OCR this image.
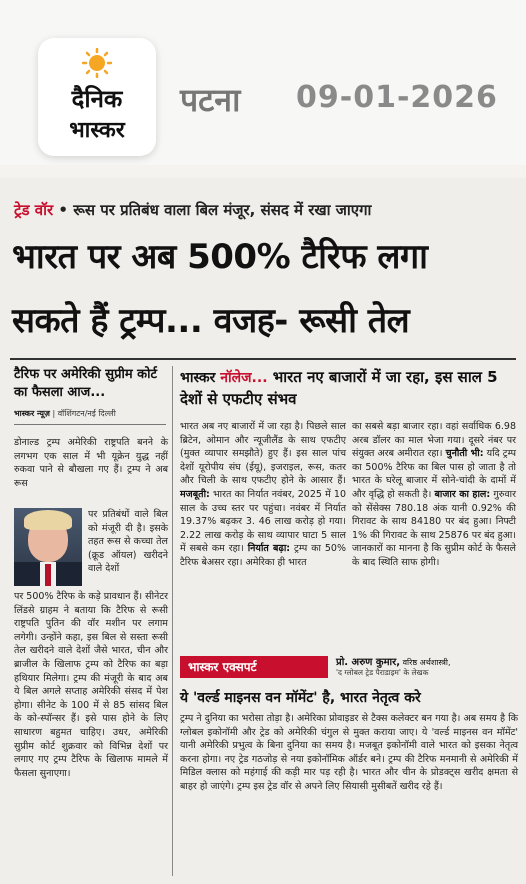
दैनिक
भास्कर
पटना 09-01-2026
ट्रेड वॉर • रूस पर प्रतिबंध वाला बिल मंजूर, संसद में रखा जाएगा
भारत पर अब 500% टैरिफ लगा
सकते हैं ट्रम्प... वजह- रूसी तेल
टैरिफ पर अमेरिकी सुप्रीम कोर्ट का फैसला आज...
भास्कर न्यूज़ | वॉशिंगटन/नई दिल्ली
डोनाल्ड ट्रम्प अमेरिकी राष्ट्रपति बनने के लगभग एक साल में भी यूक्रेन युद्ध नहीं रुकवा पाने से बौखला गए हैं। ट्रम्प ने अब रूस
पर प्रतिबंधों वाले बिल को मंजूरी दी है। इसके तहत रूस से कच्चा तेल (क्रूड ऑयल) खरीदने वाले देशों
पर 500% टैरिफ के कड़े प्रावधान हैं। सीनेटर लिंडसे ग्राहम ने बताया कि टैरिफ से रूसी राष्ट्रपति पुतिन की वॉर मशीन पर लगाम लगेगी। उन्होंने कहा, इस बिल से सस्ता रूसी तेल खरीदने वाले देशों जैसे भारत, चीन और ब्राजील के खिलाफ ट्रम्प को टैरिफ का बड़ा हथियार मिलेगा। ट्रम्प की मंजूरी के बाद अब ये बिल अगले सप्ताह अमेरिकी संसद में पेश होगा। सीनेट के 100 में से 85 सांसद बिल के को-स्पॉन्सर हैं। इसे पास होने के लिए साधारण बहुमत चाहिए। उधर, अमेरिकी सुप्रीम कोर्ट शुक्रवार को विभिन्न देशों पर लगाए गए ट्रम्प टैरिफ के खिलाफ मामले में फैसला सुनाएगा।
भास्कर नॉलेज... भारत नए बाजारों में जा रहा, इस साल 5 देशों से एफटीए संभव
भारत अब नए बाजारों में जा रहा है। पिछले साल ब्रिटेन, ओमान और न्यूजीलैंड के साथ एफटीए (मुक्त व्यापार समझौते) हुए हैं। इस साल पांच देशों यूरोपीय संघ (ईयू), इजराइल, रूस, कतर और चिली के साथ एफटीए होने के आसार हैं। मजबूती: भारत का निर्यात नवंबर, 2025 में 10 साल के उच्च स्तर पर पहुंचा। नवंबर में निर्यात 19.37% बढ़कर 3. 46 लाख करोड़ हो गया। 2.22 लाख करोड़ के साथ व्यापार घाटा 5 साल में सबसे कम रहा। निर्यात बढ़ा: ट्रम्प का 50% टैरिफ बेअसर रहा। अमेरिका ही भारत
का सबसे बड़ा बाजार रहा। वहां सर्वाधिक 6.98 अरब डॉलर का माल भेजा गया। दूसरे नंबर पर संयुक्त अरब अमीरात रहा। चुनौती भी: यदि ट्रम्प का 500% टैरिफ का बिल पास हो जाता है तो भारत के घरेलू बाजार में सोने-चांदी के दामों में और वृद्धि हो सकती है। बाजार का हाल: गुरुवार को सेंसेक्स 780.18 अंक यानी 0.92% की गिरावट के साथ 84180 पर बंद हुआ। निफ्टी 1% की गिरावट के साथ 25876 पर बंद हुआ। जानकारों का मानना है कि सुप्रीम कोर्ट के फैसले के बाद स्थिति साफ होगी।
भास्कर एक्सपर्ट	प्रो. अरुण कुमार, वरिष्ठ अर्थशास्त्री,
'द ग्लोबल ट्रेड पैराडाइम' के लेखक
ये 'वर्ल्ड माइनस वन मॉमेंट' है, भारत नेतृत्व करे
ट्रम्प ने दुनिया का भरोसा तोड़ा है। अमेरिका प्रोवाइडर से टैक्स कलेक्टर बन गया है। अब समय है कि ग्लोबल इकोनॉमी और ट्रेड को अमेरिकी चंगुल से मुक्त कराया जाए। ये 'वर्ल्ड माइनस वन मॉमेंट' यानी अमेरिकी प्रभुत्व के बिना दुनिया का समय है। मजबूत इकोनॉमी वाले भारत को इसका नेतृत्व करना होगा। नए ट्रेड गठजोड़ से नया इकोनॉमिक ऑर्डर बने। ट्रम्प की टैरिफ मनमानी से अमेरिकी में मिडिल क्लास को महंगाई की कड़ी मार पड़ रही है। भारत और चीन के प्रोडक्ट्स खरीद क्षमता से बाहर हो जाएंगे। ट्रम्प इस ट्रेड वॉर से अपने लिए सियासी मुसीबतें खरीद रहे हैं।
